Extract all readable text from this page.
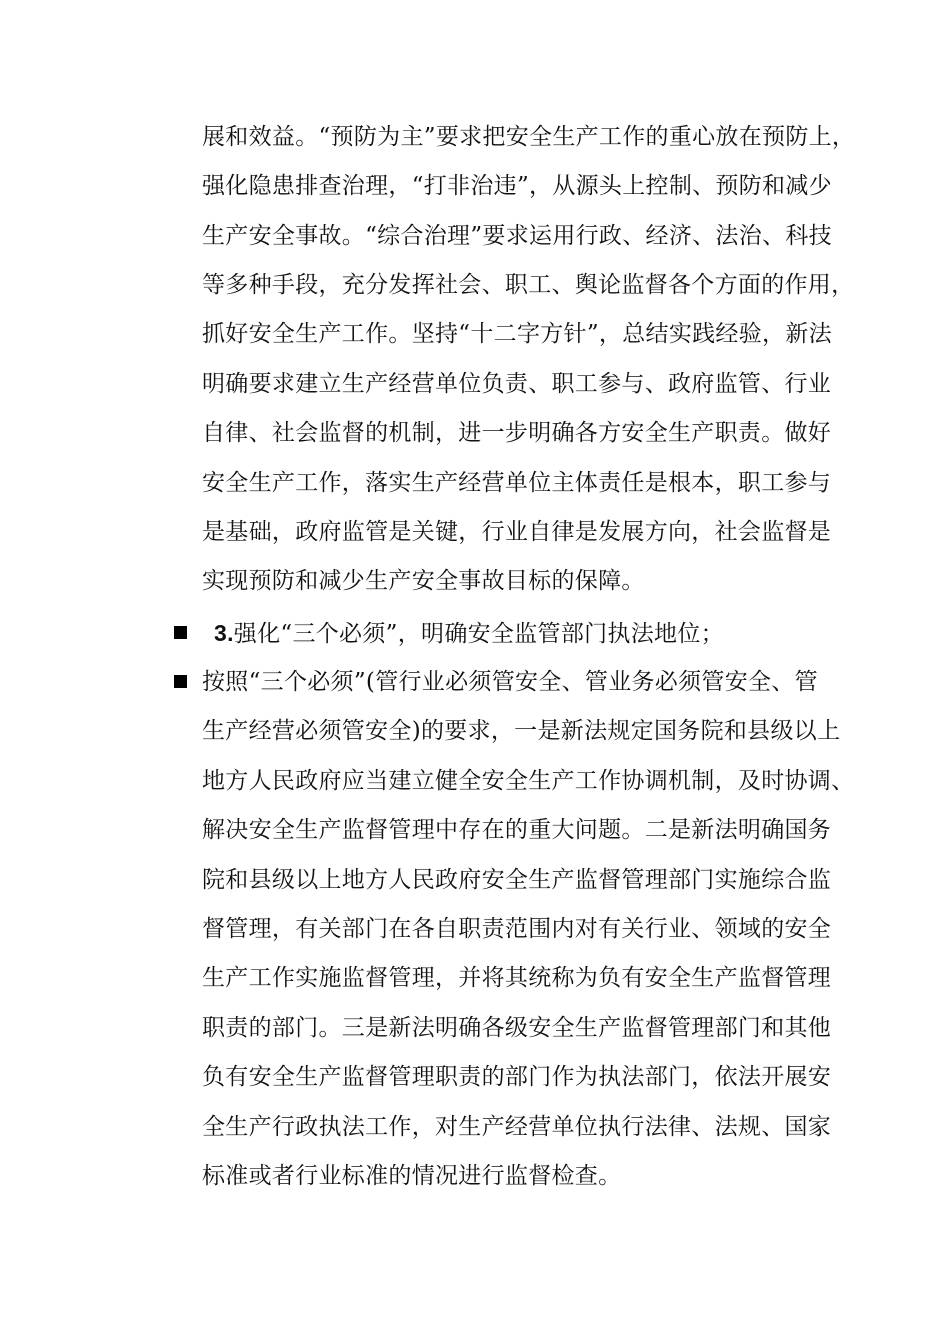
展和效益。“预防为主”要求把安全生产工作的重心放在预防上，
强化隐患排查治理，“打非治违”，从源头上控制、预防和减少
生产安全事故。“综合治理”要求运用行政、经济、法治、科技
等多种手段，充分发挥社会、职工、舆论监督各个方面的作用，
抓好安全生产工作。坚持“十二字方针”，总结实践经验，新法
明确要求建立生产经营单位负责、职工参与、政府监管、行业
自律、社会监督的机制，进一步明确各方安全生产职责。做好
安全生产工作，落实生产经营单位主体责任是根本，职工参与
是基础，政府监管是关键，行业自律是发展方向，社会监督是
实现预防和减少生产安全事故目标的保障。
3.强化“三个必须”，明确安全监管部门执法地位；
按照“三个必须”(管行业必须管安全、管业务必须管安全、管
生产经营必须管安全)的要求，一是新法规定国务院和县级以上
地方人民政府应当建立健全安全生产工作协调机制，及时协调、
解决安全生产监督管理中存在的重大问题。二是新法明确国务
院和县级以上地方人民政府安全生产监督管理部门实施综合监
督管理，有关部门在各自职责范围内对有关行业、领域的安全
生产工作实施监督管理，并将其统称为负有安全生产监督管理
职责的部门。三是新法明确各级安全生产监督管理部门和其他
负有安全生产监督管理职责的部门作为执法部门，依法开展安
全生产行政执法工作，对生产经营单位执行法律、法规、国家
标准或者行业标准的情况进行监督检查。
